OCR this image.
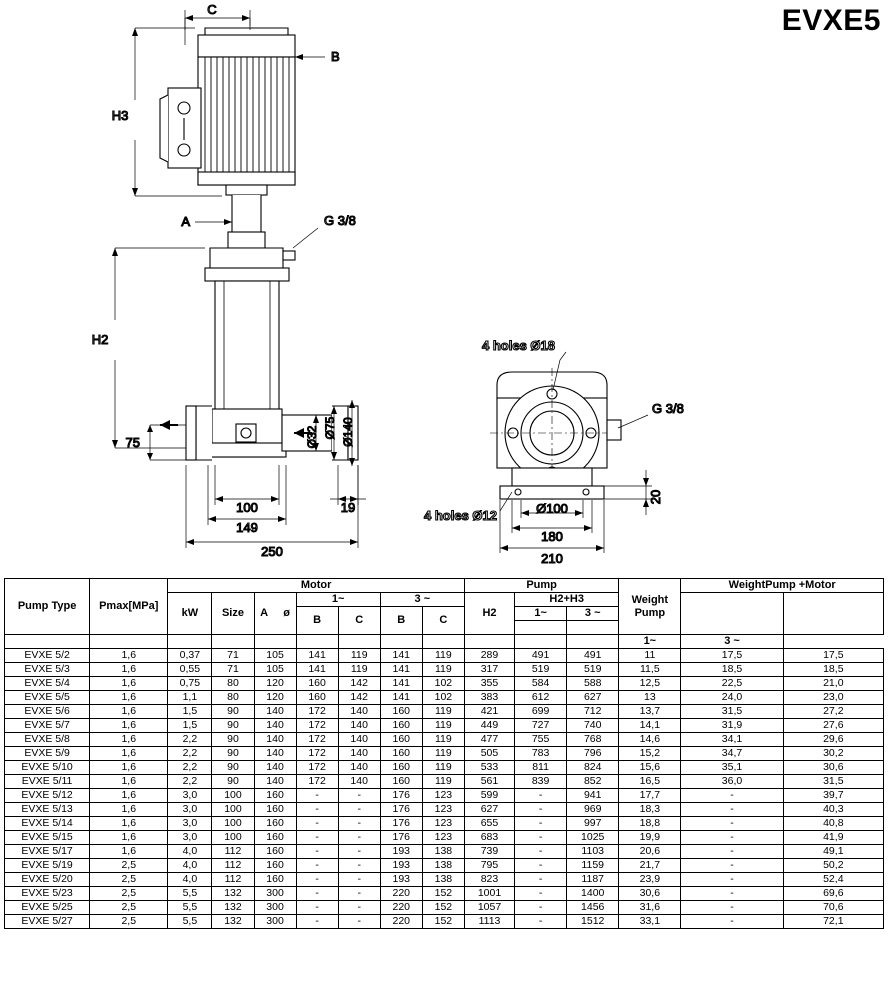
EVXE5
C
B
A
H3
H2
G 3/8
75
100
149
250
19
Ø32 Ø75 Ø140
4 holes Ø18
G 3/8
4 holes Ø12	Ø100
180
210
20
Pump Type	Pmax[MPa]	Motor							Pump			Weight Pump	WeightPump +Motor	
		kW	Size	A     ø	1~		3 ~		H2	H2+H3				
					B	C	B	C		1~	3 ~			

												1~	3 ~	
EVXE 5/2	1,6	0,37	71	105	141	119	141	119	289	491	491	11	17,5	17,5
EVXE 5/3	1,6	0,55	71	105	141	119	141	119	317	519	519	11,5	18,5	18,5
EVXE 5/4	1,6	0,75	80	120	160	142	141	102	355	584	588	12,5	22,5	21,0
EVXE 5/5	1,6	1,1	80	120	160	142	141	102	383	612	627	13	24,0	23,0
EVXE 5/6	1,6	1,5	90	140	172	140	160	119	421	699	712	13,7	31,5	27,2
EVXE 5/7	1,6	1,5	90	140	172	140	160	119	449	727	740	14,1	31,9	27,6
EVXE 5/8	1,6	2,2	90	140	172	140	160	119	477	755	768	14,6	34,1	29,6
EVXE 5/9	1,6	2,2	90	140	172	140	160	119	505	783	796	15,2	34,7	30,2
EVXE 5/10	1,6	2,2	90	140	172	140	160	119	533	811	824	15,6	35,1	30,6
EVXE 5/11	1,6	2,2	90	140	172	140	160	119	561	839	852	16,5	36,0	31,5
EVXE 5/12	1,6	3,0	100	160	-	-	176	123	599	-	941	17,7	-	39,7
EVXE 5/13	1,6	3,0	100	160	-	-	176	123	627	-	969	18,3	-	40,3
EVXE 5/14	1,6	3,0	100	160	-	-	176	123	655	-	997	18,8	-	40,8
EVXE 5/15	1,6	3,0	100	160	-	-	176	123	683	-	1025	19,9	-	41,9
EVXE 5/17	1,6	4,0	112	160	-	-	193	138	739	-	1103	20,6	-	49,1
EVXE 5/19	2,5	4,0	112	160	-	-	193	138	795	-	1159	21,7	-	50,2
EVXE 5/20	2,5	4,0	112	160	-	-	193	138	823	-	1187	23,9	-	52,4
EVXE 5/23	2,5	5,5	132	300	-	-	220	152	1001	-	1400	30,6	-	69,6
EVXE 5/25	2,5	5,5	132	300	-	-	220	152	1057	-	1456	31,6	-	70,6
EVXE 5/27	2,5	5,5	132	300	-	-	220	152	1113	-	1512	33,1	-	72,1
